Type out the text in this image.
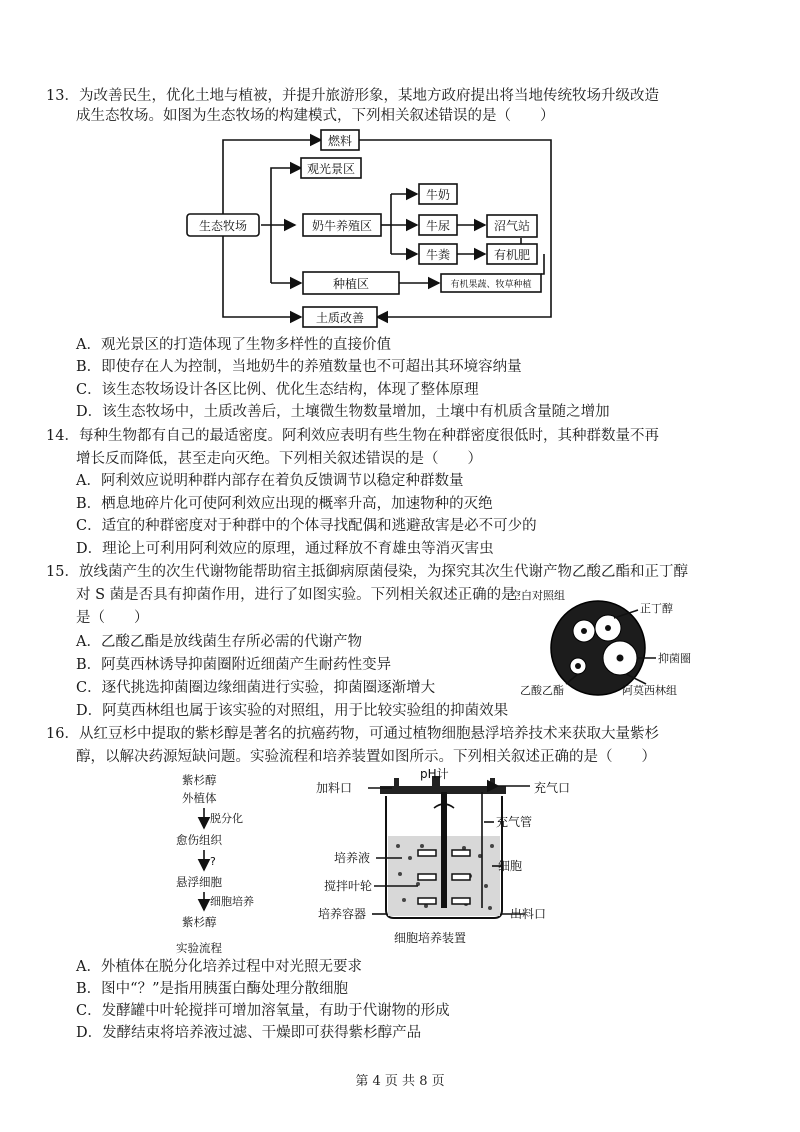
13．为改善民生，优化土地与植被，并提升旅游形象，某地方政府提出将当地传统牧场升级改造
成生态牧场。如图为生态牧场的构建模式，下列相关叙述错误的是（　　）
燃料
观光景区
生态牧场	奶牛养殖区
牛奶
牛尿
牛粪
沼气站
有机肥
种植区	有机果蔬、牧草种植
土质改善
A．观光景区的打造体现了生物多样性的直接价值
B．即使存在人为控制，当地奶牛的养殖数量也不可超出其环境容纳量
C．该生态牧场设计各区比例、优化生态结构，体现了整体原理
D．该生态牧场中，土质改善后，土壤微生物数量增加，土壤中有机质含量随之增加
14．每种生物都有自己的最适密度。阿利效应表明有些生物在种群密度很低时，其种群数量不再
增长反而降低，甚至走向灭绝。下列相关叙述错误的是（　　）
A．阿利效应说明种群内部存在着负反馈调节以稳定种群数量
B．栖息地碎片化可使阿利效应出现的概率升高，加速物种的灭绝
C．适宜的种群密度对于种群中的个体寻找配偶和逃避敌害是必不可少的
D．理论上可利用阿利效应的原理，通过释放不育雄虫等消灭害虫
15．放线菌产生的次生代谢物能帮助宿主抵御病原菌侵染，为探究其次生代谢产物乙酸乙酯和正丁醇
对 S 菌是否具有抑菌作用，进行了如图实验。下列相关叙述正确的是
是（　　）
空白对照组
正丁醇
抑菌圈
乙酸乙酯	阿莫西林组
A．乙酸乙酯是放线菌生存所必需的代谢产物
B．阿莫西林诱导抑菌圈附近细菌产生耐药性变异
C．逐代挑选抑菌圈边缘细菌进行实验，抑菌圈逐渐增大
D．阿莫西林组也属于该实验的对照组，用于比较实验组的抑菌效果
16．从红豆杉中提取的紫杉醇是著名的抗癌药物，可通过植物细胞悬浮培养技术来获取大量紫杉
醇，以解决药源短缺问题。实验流程和培养装置如图所示。下列相关叙述正确的是（　　）
紫杉醇
外植体
脱分化
愈伤组织
?
悬浮细胞
细胞培养
紫杉醇
实验流程
pH计
加料口	充气口
充气管
培养液
搅拌叶轮
培养容器
细胞
出料口
细胞培养装置
A．外植体在脱分化培养过程中对光照无要求
B．图中“？”是指用胰蛋白酶处理分散细胞
C．发酵罐中叶轮搅拌可增加溶氧量，有助于代谢物的形成
D．发酵结束将培养液过滤、干燥即可获得紫杉醇产品
第 4 页 共 8 页
